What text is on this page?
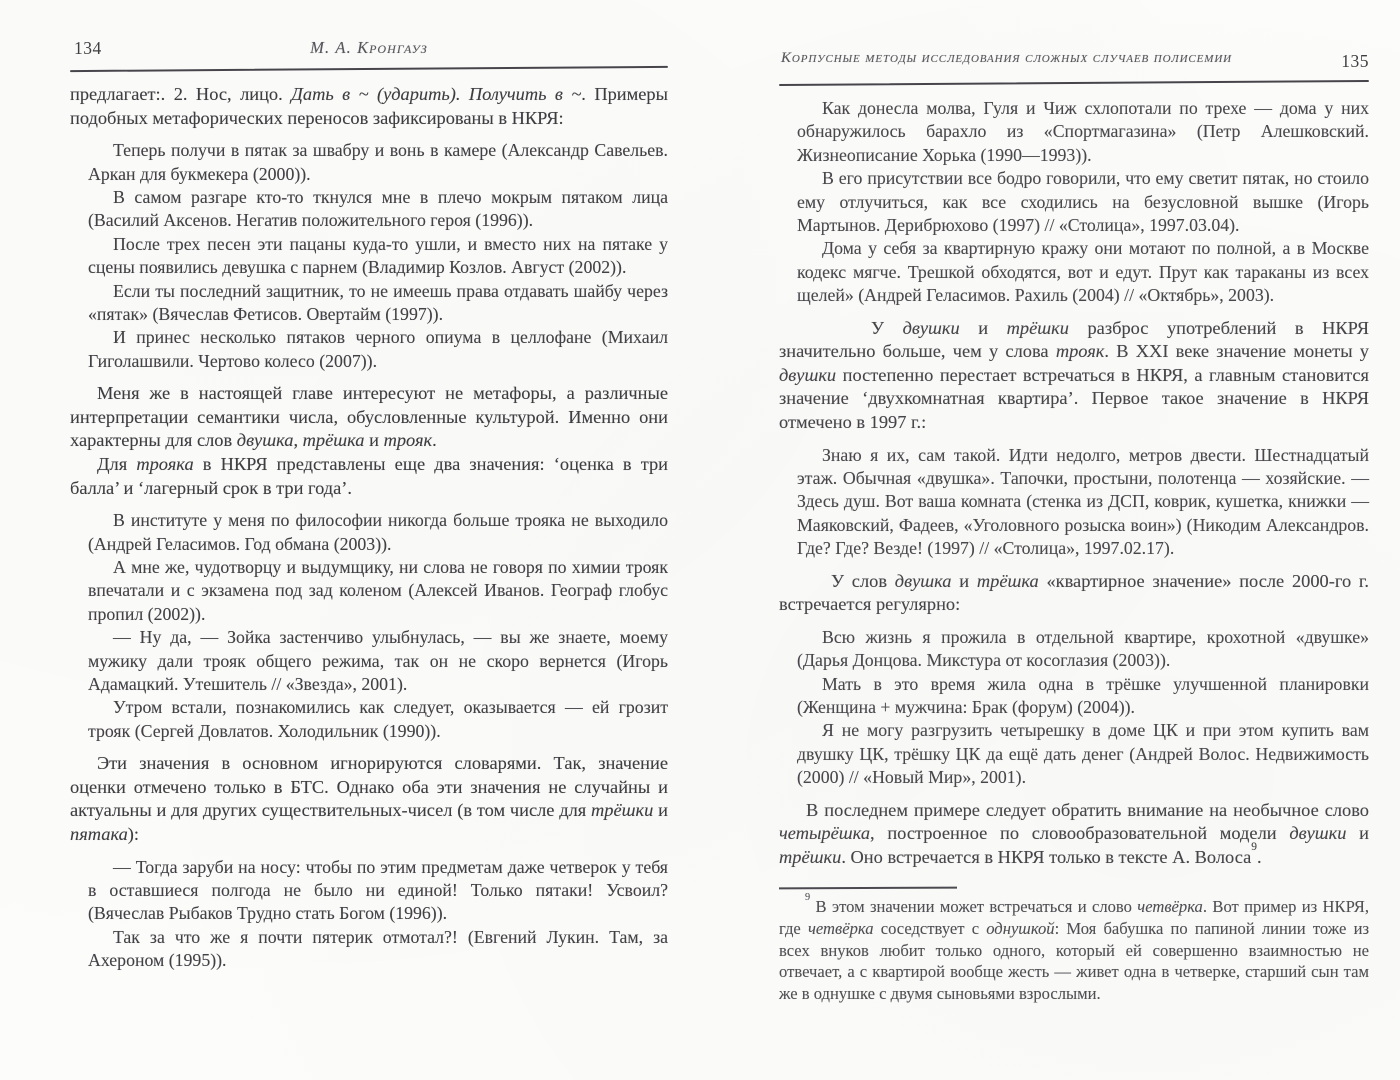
134	М. А. Кронгауз

предлагает:. 2. Нос, лицо. Дать в ~ (ударить). Получить в ~. Примеры подобных метафорических переносов зафиксированы в НКРЯ:

Теперь получи в пятак за швабру и вонь в камере (Александр Савельев. Аркан для букмекера (2000)).

В самом разгаре кто-то ткнулся мне в плечо мокрым пятаком лица (Василий Аксенов. Негатив положительного героя (1996)).

После трех песен эти пацаны куда-то ушли, и вместо них на пятаке у сцены появились девушка с парнем (Владимир Козлов. Август (2002)).

Если ты последний защитник, то не имеешь права отдавать шайбу через «пятак» (Вячеслав Фетисов. Овертайм (1997)).

И принес несколько пятаков черного опиума в целлофане (Михаил Гиголашвили. Чертово колесо (2007)).

Меня же в настоящей главе интересуют не метафоры, а различные интерпретации семантики числа, обусловленные культурой. Именно они характерны для слов двушка, трёшка и трояк.

Для трояка в НКРЯ представлены еще два значения: ‘оценка в три балла’ и ‘лагерный срок в три года’.

В институте у меня по философии никогда больше трояка не выходило (Андрей Геласимов. Год обмана (2003)).

А мне же, чудотворцу и выдумщику, ни слова не говоря по химии трояк впечатали и с экзамена под зад коленом (Алексей Иванов. Географ глобус пропил (2002)).

— Ну да, — Зойка застенчиво улыбнулась, — вы же знаете, моему мужику дали трояк общего режима, так он не скоро вернется (Игорь Адамацкий. Утешитель // «Звезда», 2001).

Утром встали, познакомились как следует, оказывается — ей грозит трояк (Сергей Довлатов. Холодильник (1990)).

Эти значения в основном игнорируются словарями. Так, значение оценки отмечено только в БТС. Однако оба эти значения не случайны и актуальны и для других существительных-чисел (в том числе для трёшки и пятака):

— Тогда заруби на носу: чтобы по этим предметам даже четверок у тебя в оставшиеся полгода не было ни единой! Только пятаки! Усвоил? (Вячеслав Рыбаков Трудно стать Богом (1996)).

Так за что же я почти пятерик отмотал?! (Евгений Лукин. Там, за Ахероном (1995)).

Корпусные методы исследования сложных случаев полисемии	135

Как донесла молва, Гуля и Чиж схлопотали по трехе — дома у них обнаружилось барахло из «Спортмагазина» (Петр Алешковский. Жизнеописание Хорька (1990—1993)).

В его присутствии все бодро говорили, что ему светит пятак, но стоило ему отлучиться, как все сходились на безусловной вышке (Игорь Мартынов. Дерибрюхово (1997) // «Столица», 1997.03.04).

Дома у себя за квартирную кражу они мотают по полной, а в Москве кодекс мягче. Трешкой обходятся, вот и едут. Прут как тараканы из всех щелей» (Андрей Геласимов. Рахиль (2004) // «Октябрь», 2003).

У двушки и трёшки разброс употреблений в НКРЯ значительно больше, чем у слова трояк. В XXI веке значение монеты у двушки постепенно перестает встречаться в НКРЯ, а главным становится значение ‘двухкомнатная квартира’. Первое такое значение в НКРЯ отмечено в 1997 г.:

Знаю я их, сам такой. Идти недолго, метров двести. Шестнадцатый этаж. Обычная «двушка». Тапочки, простыни, полотенца — хозяйские. — Здесь душ. Вот ваша комната (стенка из ДСП, коврик, кушетка, книжки — Маяковский, Фадеев, «Уголовного розыска воин») (Никодим Александров. Где? Где? Везде! (1997) // «Столица», 1997.02.17).

У слов двушка и трёшка «квартирное значение» после 2000-го г. встречается регулярно:

Всю жизнь я прожила в отдельной квартире, крохотной «двушке» (Дарья Донцова. Микстура от косоглазия (2003)).

Мать в это время жила одна в трёшке улучшенной планировки (Женщина + мужчина: Брак (форум) (2004)).

Я не могу разгрузить четырешку в доме ЦК и при этом купить вам двушку ЦК, трёшку ЦК да ещё дать денег (Андрей Волос. Недвижимость (2000) // «Новый Мир», 2001).

В последнем примере следует обратить внимание на необычное слово четырёшка, построенное по словообразовательной модели двушки и трёшки. Оно встречается в НКРЯ только в тексте А. Волоса$^9$.

$^9$ В этом значении может встречаться и слово четвёрка. Вот пример из НКРЯ, где четвёрка соседствует с однушкой: Моя бабушка по папиной линии тоже из всех внуков любит только одного, который ей совершенно взаимностью не отвечает, а с квартирой вообще жесть — живет одна в четверке, старший сын там же в однушке с двумя сыновьями взрослыми.
